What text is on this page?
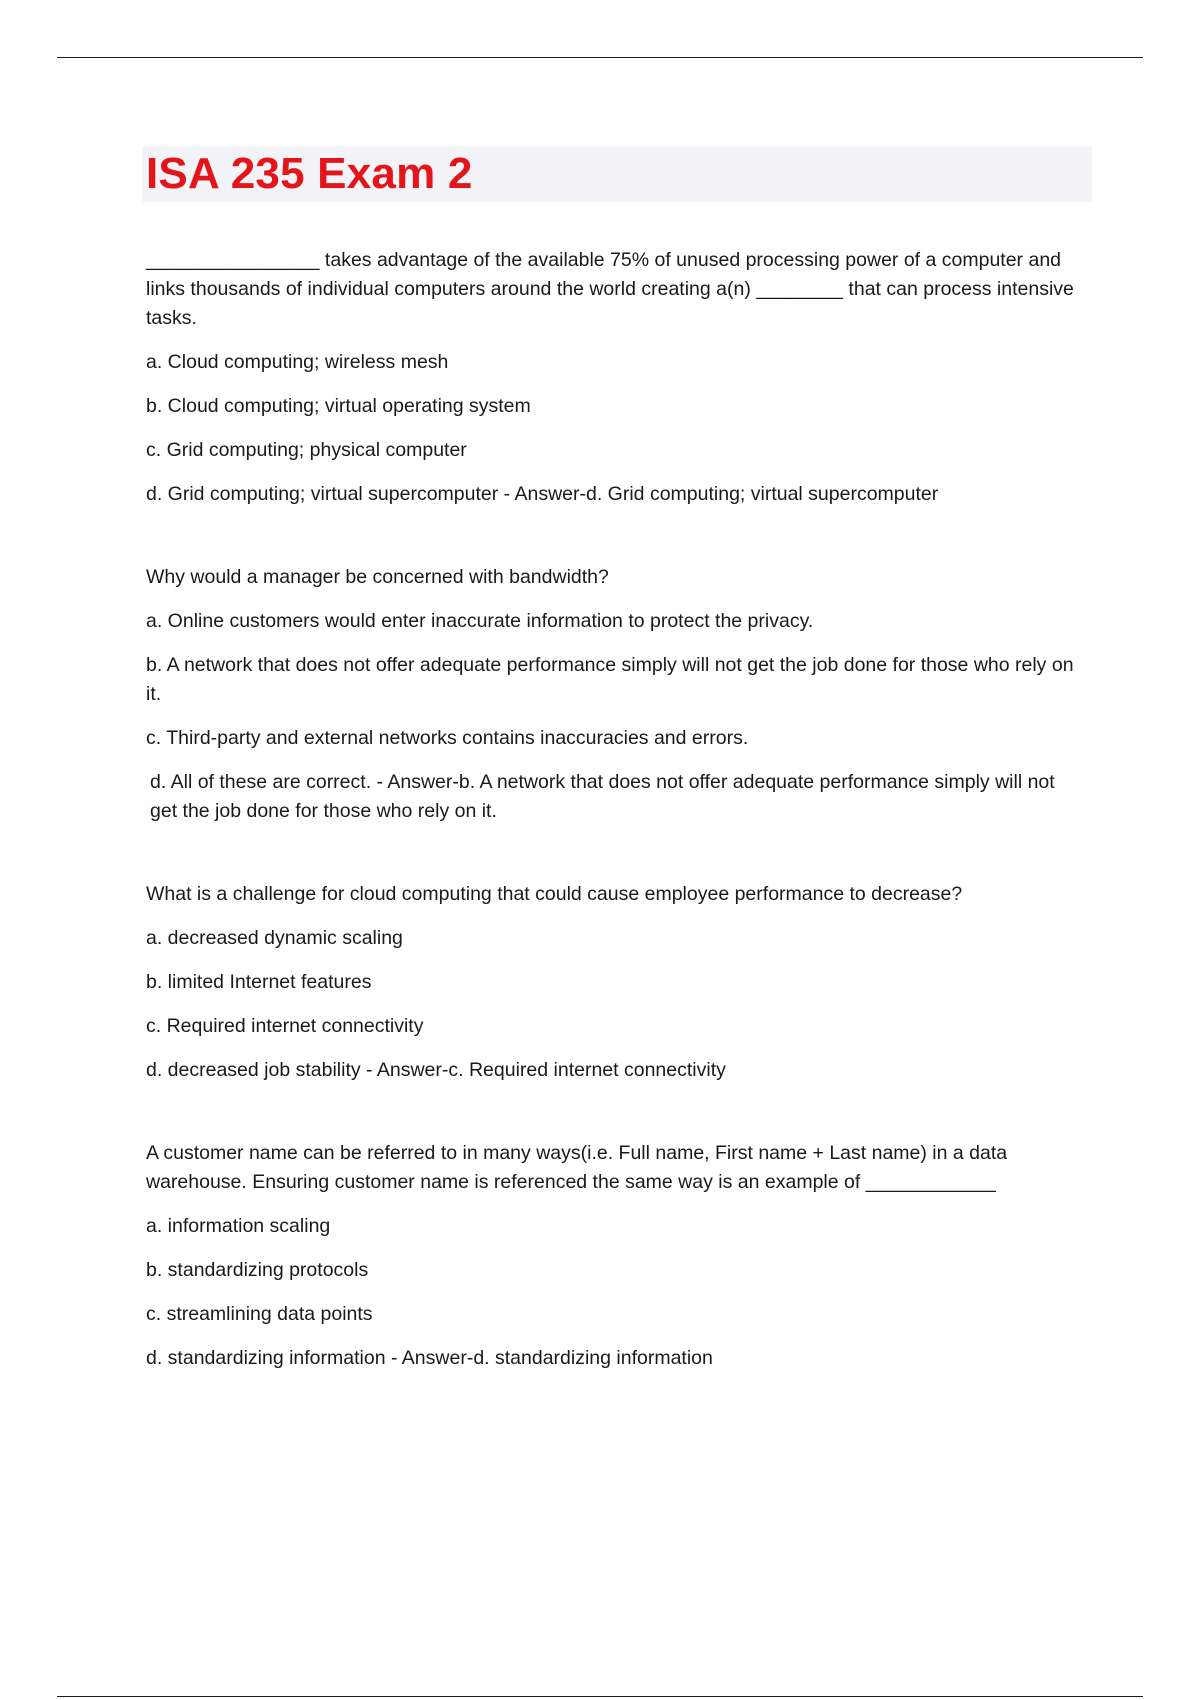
ISA 235 Exam 2

________________ takes advantage of the available 75% of unused processing power of a computer and links thousands of individual computers around the world creating a(n) ________ that can process intensive tasks.

a. Cloud computing; wireless mesh

b. Cloud computing; virtual operating system

c. Grid computing; physical computer

d. Grid computing; virtual supercomputer - Answer-d. Grid computing; virtual supercomputer

Why would a manager be concerned with bandwidth?

a. Online customers would enter inaccurate information to protect the privacy.

b. A network that does not offer adequate performance simply will not get the job done for those who rely on it.

c. Third-party and external networks contains inaccuracies and errors.

d. All of these are correct. - Answer-b. A network that does not offer adequate performance simply will not get the job done for those who rely on it.

What is a challenge for cloud computing that could cause employee performance to decrease?

a. decreased dynamic scaling

b. limited Internet features

c. Required internet connectivity

d. decreased job stability - Answer-c. Required internet connectivity

A customer name can be referred to in many ways(i.e. Full name, First name + Last name) in a data warehouse. Ensuring customer name is referenced the same way is an example of ____________

a. information scaling

b. standardizing protocols

c. streamlining data points

d. standardizing information - Answer-d. standardizing information
